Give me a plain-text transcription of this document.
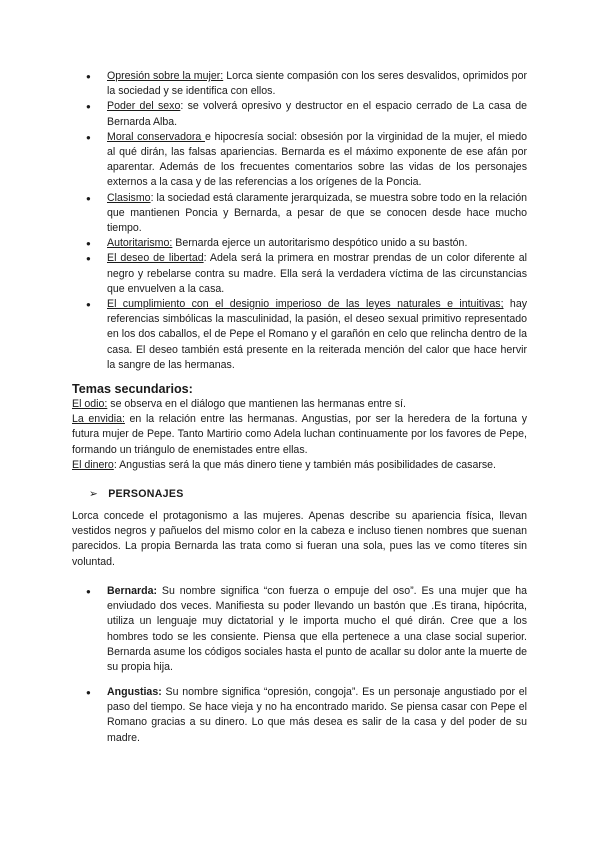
● Opresión sobre la mujer: Lorca siente compasión con los seres desvalidos, oprimidos por la sociedad y se identifica con ellos.
● Poder del sexo: se volverá opresivo y destructor en el espacio cerrado de La casa de Bernarda Alba.
● Moral conservadora e hipocresía social: obsesión por la virginidad de la mujer, el miedo al qué dirán, las falsas apariencias. Bernarda es el máximo exponente de ese afán por aparentar. Además de los frecuentes comentarios sobre las vidas de los personajes externos a la casa y de las referencias a los orígenes de la Poncia.
● Clasismo: la sociedad está claramente jerarquizada, se muestra sobre todo en la relación que mantienen Poncia y Bernarda, a pesar de que se conocen desde hace mucho tiempo.
● Autoritarismo: Bernarda ejerce un autoritarismo despótico unido a su bastón.
● El deseo de libertad: Adela será la primera en mostrar prendas de un color diferente al negro y rebelarse contra su madre. Ella será la verdadera víctima de las circunstancias que envuelven a la casa.
● El cumplimiento con el designio imperioso de las leyes naturales e intuitivas; hay referencias simbólicas la masculinidad, la pasión, el deseo sexual primitivo representado en los dos caballos, el de Pepe el Romano y el garañón en celo que relincha dentro de la casa. El deseo también está presente en la reiterada mención del calor que hace hervir la sangre de las hermanas.
Temas secundarios:

El odio: se observa en el diálogo que mantienen las hermanas entre sí.

La envidia: en la relación entre las hermanas. Angustias, por ser la heredera de la fortuna y futura mujer de Pepe. Tanto Martirio como Adela luchan continuamente por los favores de Pepe, formando un triángulo de enemistades entre ellas.

El dinero: Angustias será la que más dinero tiene y también más posibilidades de casarse.

➢ PERSONAJES

Lorca concede el protagonismo a las mujeres. Apenas describe su apariencia física, llevan vestidos negros y pañuelos del mismo color en la cabeza e incluso tienen nombres que suenan parecidos. La propia Bernarda las trata como si fueran una sola, pues las ve como títeres sin voluntad.

● Bernarda: Su nombre significa “con fuerza o empuje del oso”. Es una mujer que ha enviudado dos veces. Manifiesta su poder llevando un bastón que .Es tirana, hipócrita, utiliza un lenguaje muy dictatorial y le importa mucho el qué dirán. Cree que a los hombres todo se les consiente. Piensa que ella pertenece a una clase social superior. Bernarda asume los códigos sociales hasta el punto de acallar su dolor ante la muerte de su propia hija.
● Angustias: Su nombre significa “opresión, congoja”. Es un personaje angustiado por el paso del tiempo. Se hace vieja y no ha encontrado marido. Se piensa casar con Pepe el Romano gracias a su dinero. Lo que más desea es salir de la casa y del poder de su madre.
